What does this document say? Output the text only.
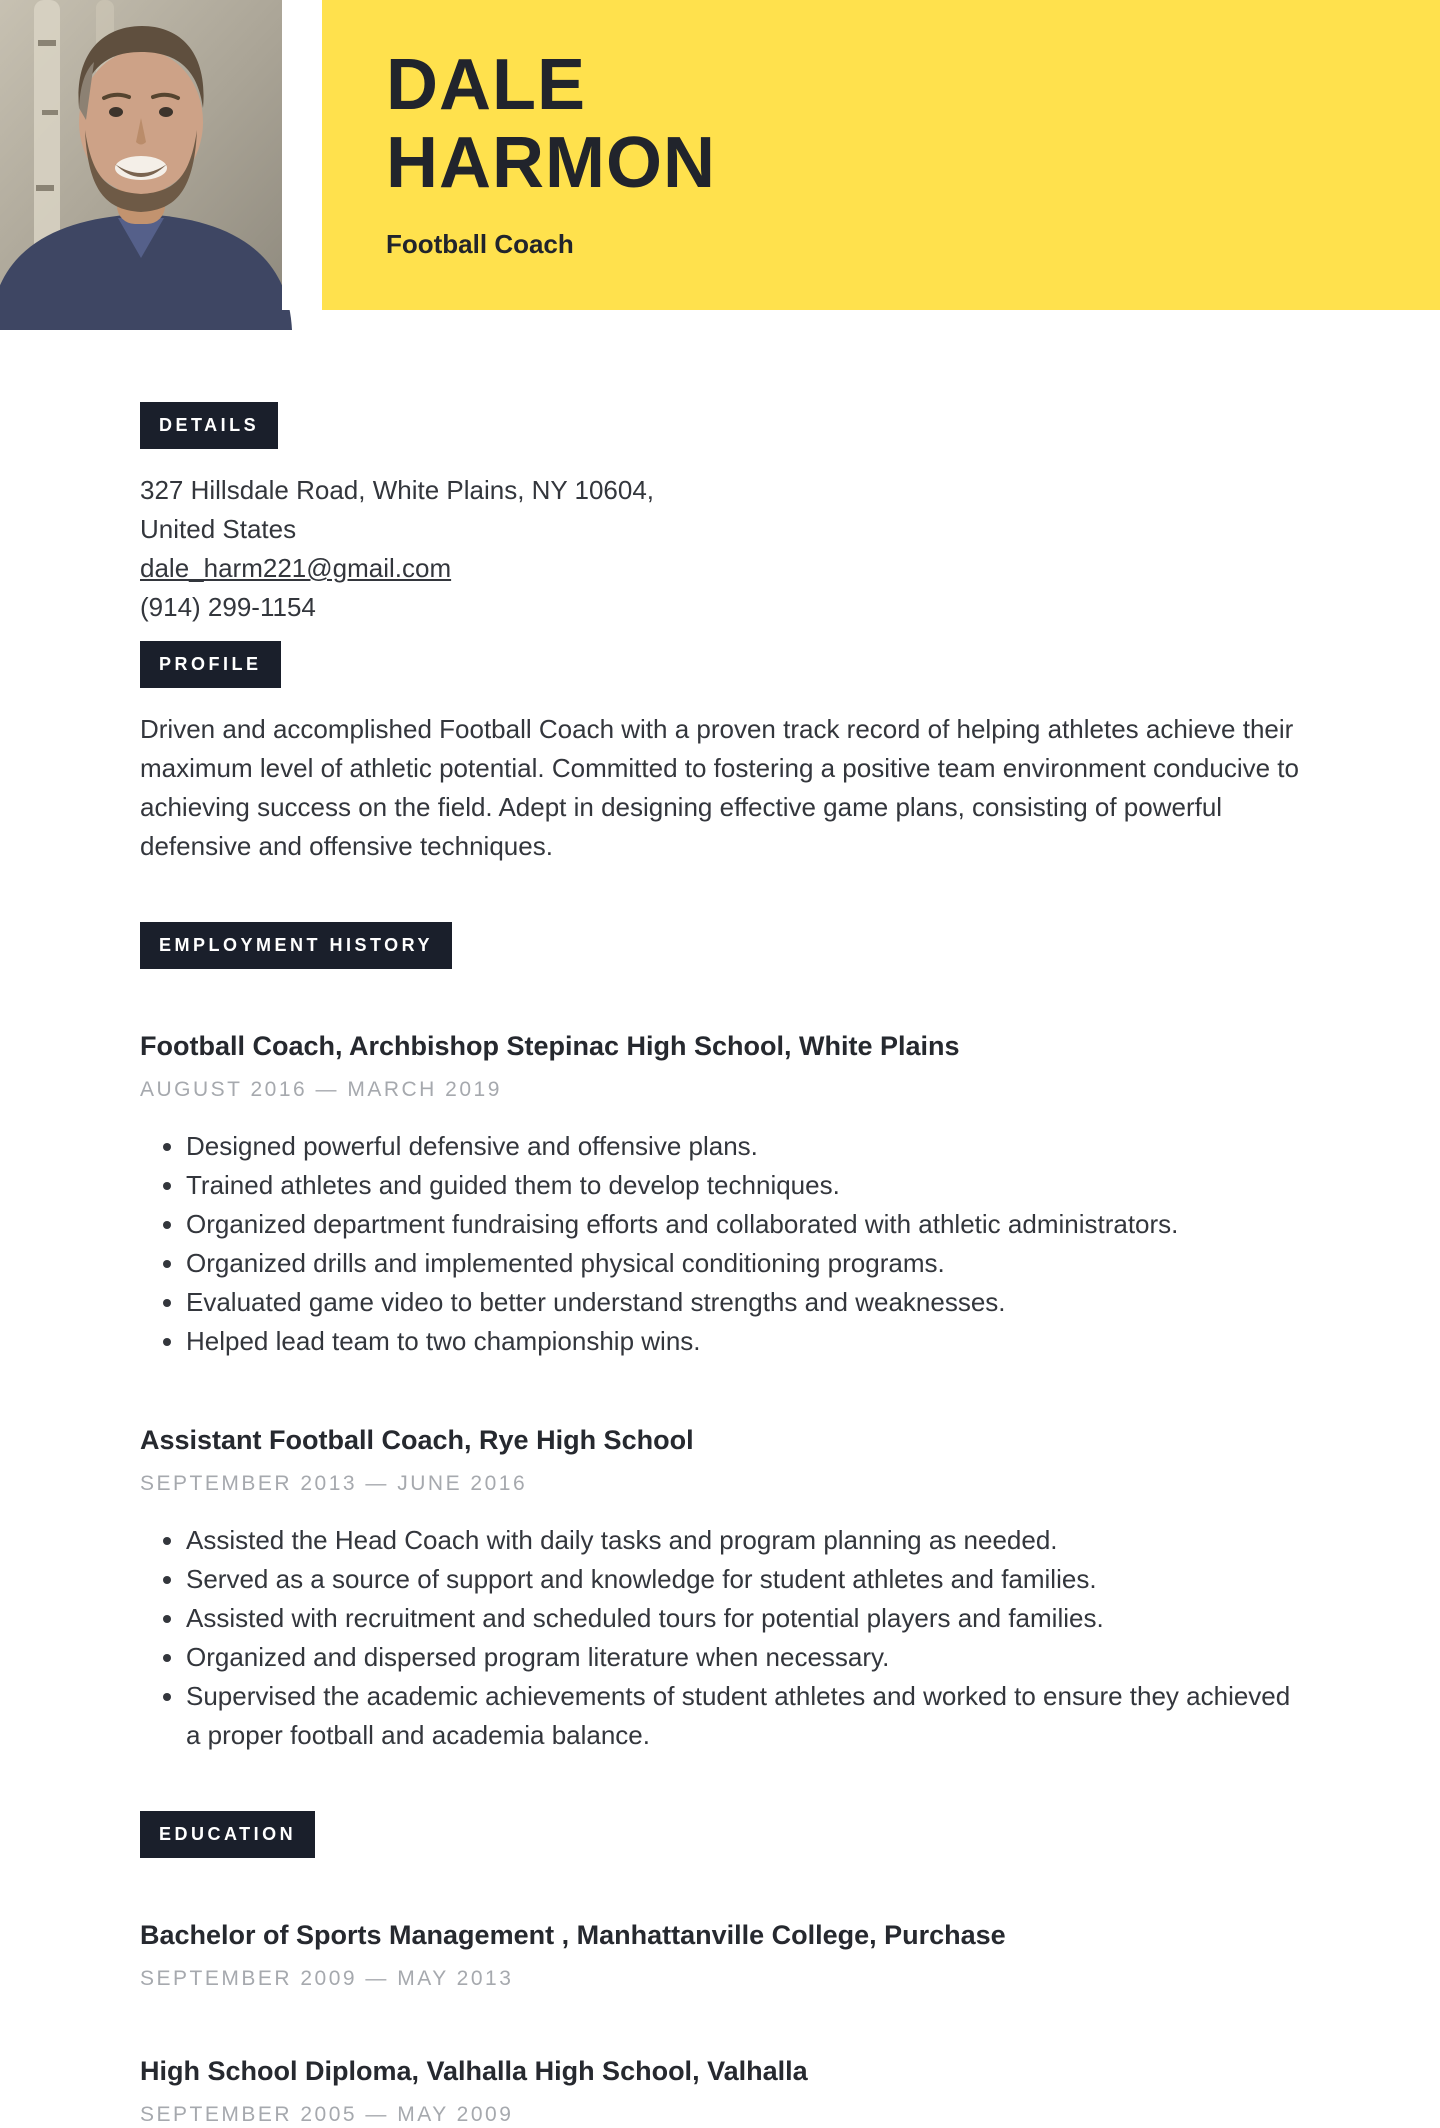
DALE HARMON

Football Coach

DETAILS

327 Hillsdale Road, White Plains, NY 10604,
United States
dale_harm221@gmail.com
(914) 299-1154

PROFILE

Driven and accomplished Football Coach with a proven track record of helping athletes achieve their maximum level of athletic potential. Committed to fostering a positive team environment conducive to achieving success on the field. Adept in designing effective game plans, consisting of powerful defensive and offensive techniques.

EMPLOYMENT HISTORY
Football Coach, Archbishop Stepinac High School, White Plains

AUGUST 2016 — MARCH 2019

• Designed powerful defensive and offensive plans.
• Trained athletes and guided them to develop techniques.
• Organized department fundraising efforts and collaborated with athletic administrators.
• Organized drills and implemented physical conditioning programs.
• Evaluated game video to better understand strengths and weaknesses.
• Helped lead team to two championship wins.
Assistant Football Coach, Rye High School

SEPTEMBER 2013 — JUNE 2016

• Assisted the Head Coach with daily tasks and program planning as needed.
• Served as a source of support and knowledge for student athletes and families.
• Assisted with recruitment and scheduled tours for potential players and families.
• Organized and dispersed program literature when necessary.
• Supervised the academic achievements of student athletes and worked to ensure they achieved a proper football and academia balance.
EDUCATION
Bachelor of Sports Management , Manhattanville College, Purchase

SEPTEMBER 2009 — MAY 2013

High School Diploma, Valhalla High School, Valhalla

SEPTEMBER 2005 — MAY 2009
